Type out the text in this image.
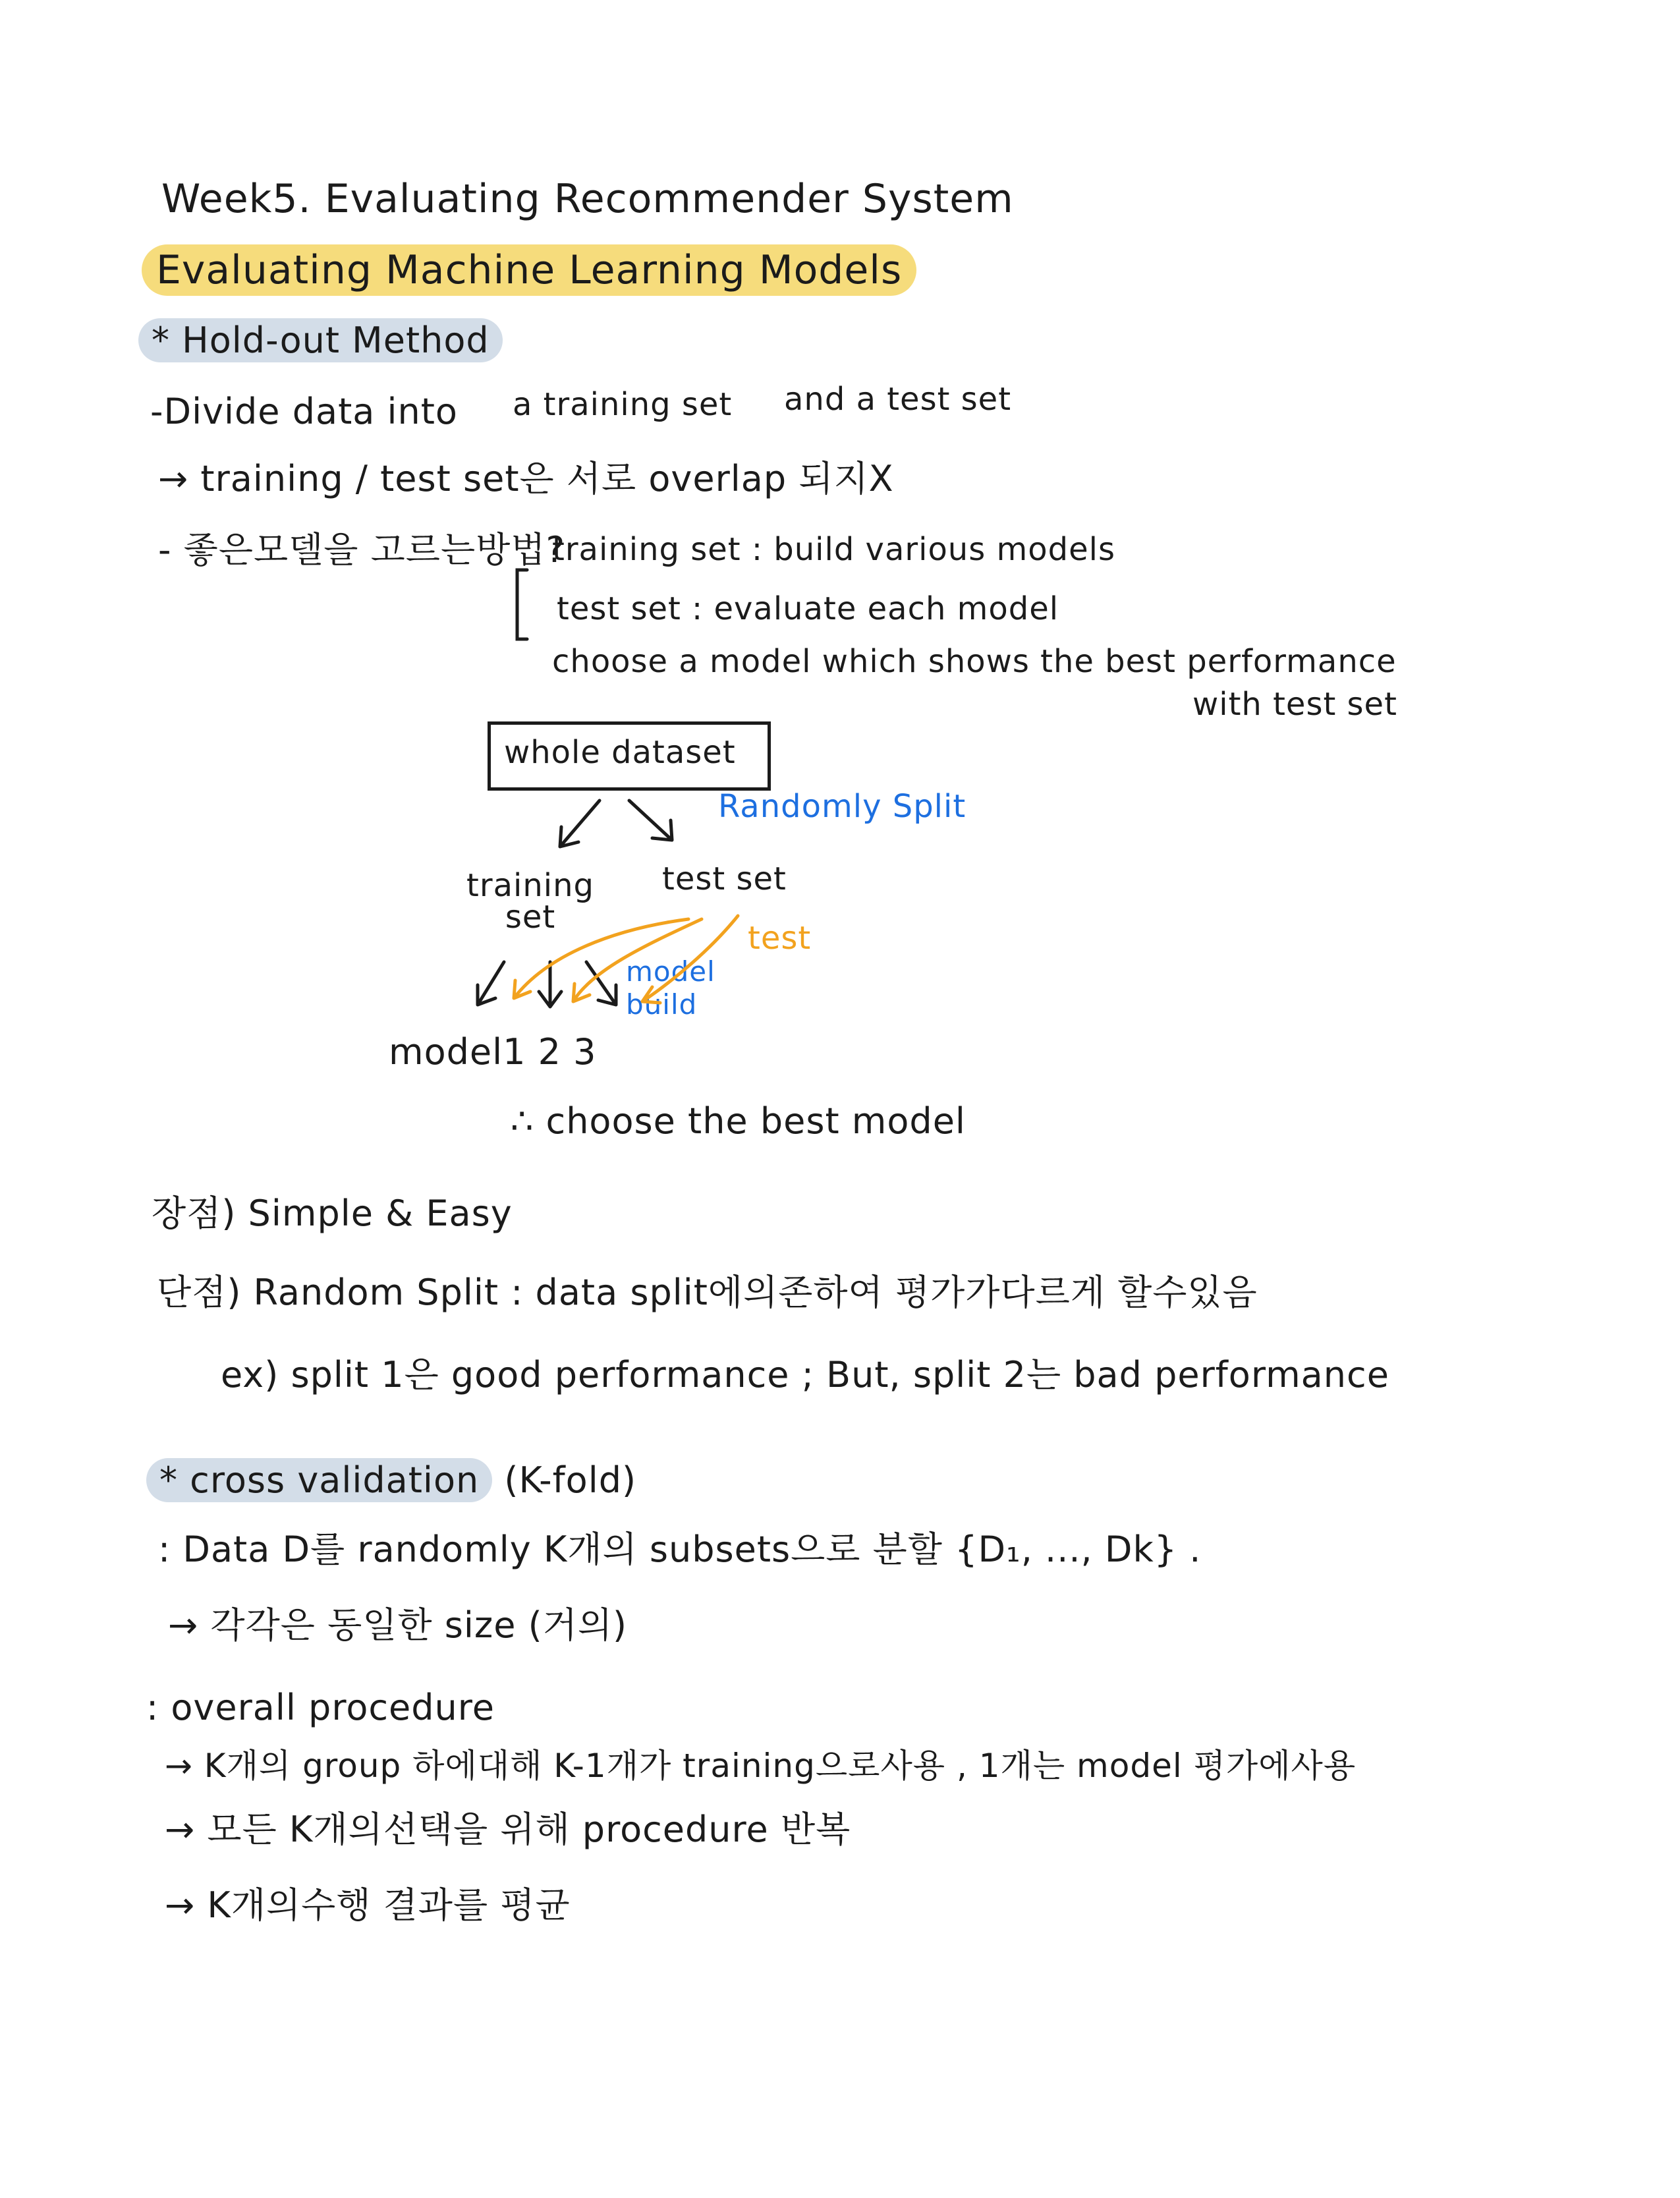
Week5. Evaluating Recommender System
Evaluating Machine Learning Models
* Hold-out Method
-Divide data into a training set and a test set
→ training / test set은 서로 overlap 되지X
- 좋은모델을 고르는방법?
training set : build various models
test set : evaluate each model
choose a model which shows the best performance
with test set
whole dataset
Randomly Split
training set
test set
test
model build
model1 2 3
∴ choose the best model
장점) Simple & Easy
단점) Random Split : data split에의존하여 평가가다르게 할수있음
ex) split 1은 good performance ; But, split 2는 bad performance
* cross validation (K-fold)
: Data D를 randomly K개의 subsets으로 분할 {D₁, ..., Dk} .
→ 각각은 동일한 size (거의)
: overall procedure
→ K개의 group 하에대해 K-1개가 training으로사용 , 1개는 model 평가에사용
→ 모든 K개의선택을 위해 procedure 반복
→ K개의수행 결과를 평균
